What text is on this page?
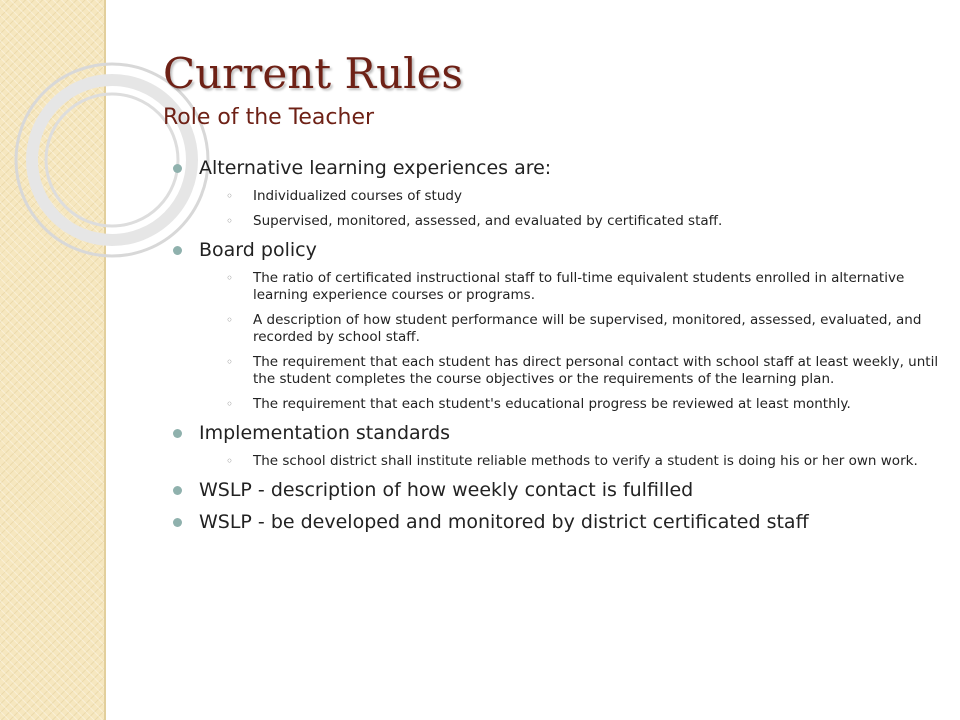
Current Rules
Role of the Teacher
Alternative learning experiences are:
◦ Individualized courses of study
◦ Supervised, monitored, assessed, and evaluated by certificated staff.
Board policy
◦ The ratio of certificated instructional staff to full-time equivalent students enrolled in alternative learning experience courses or programs.
◦ A description of how student performance will be supervised, monitored, assessed, evaluated, and recorded by school staff.
◦ The requirement that each student has direct personal contact with school staff at least weekly, until the student completes the course objectives or the requirements of the learning plan.
◦ The requirement that each student's educational progress be reviewed at least monthly.
Implementation standards
◦ The school district shall institute reliable methods to verify a student is doing his or her own work.
WSLP - description of how weekly contact is fulfilled
WSLP - be developed and monitored by district certificated staff
